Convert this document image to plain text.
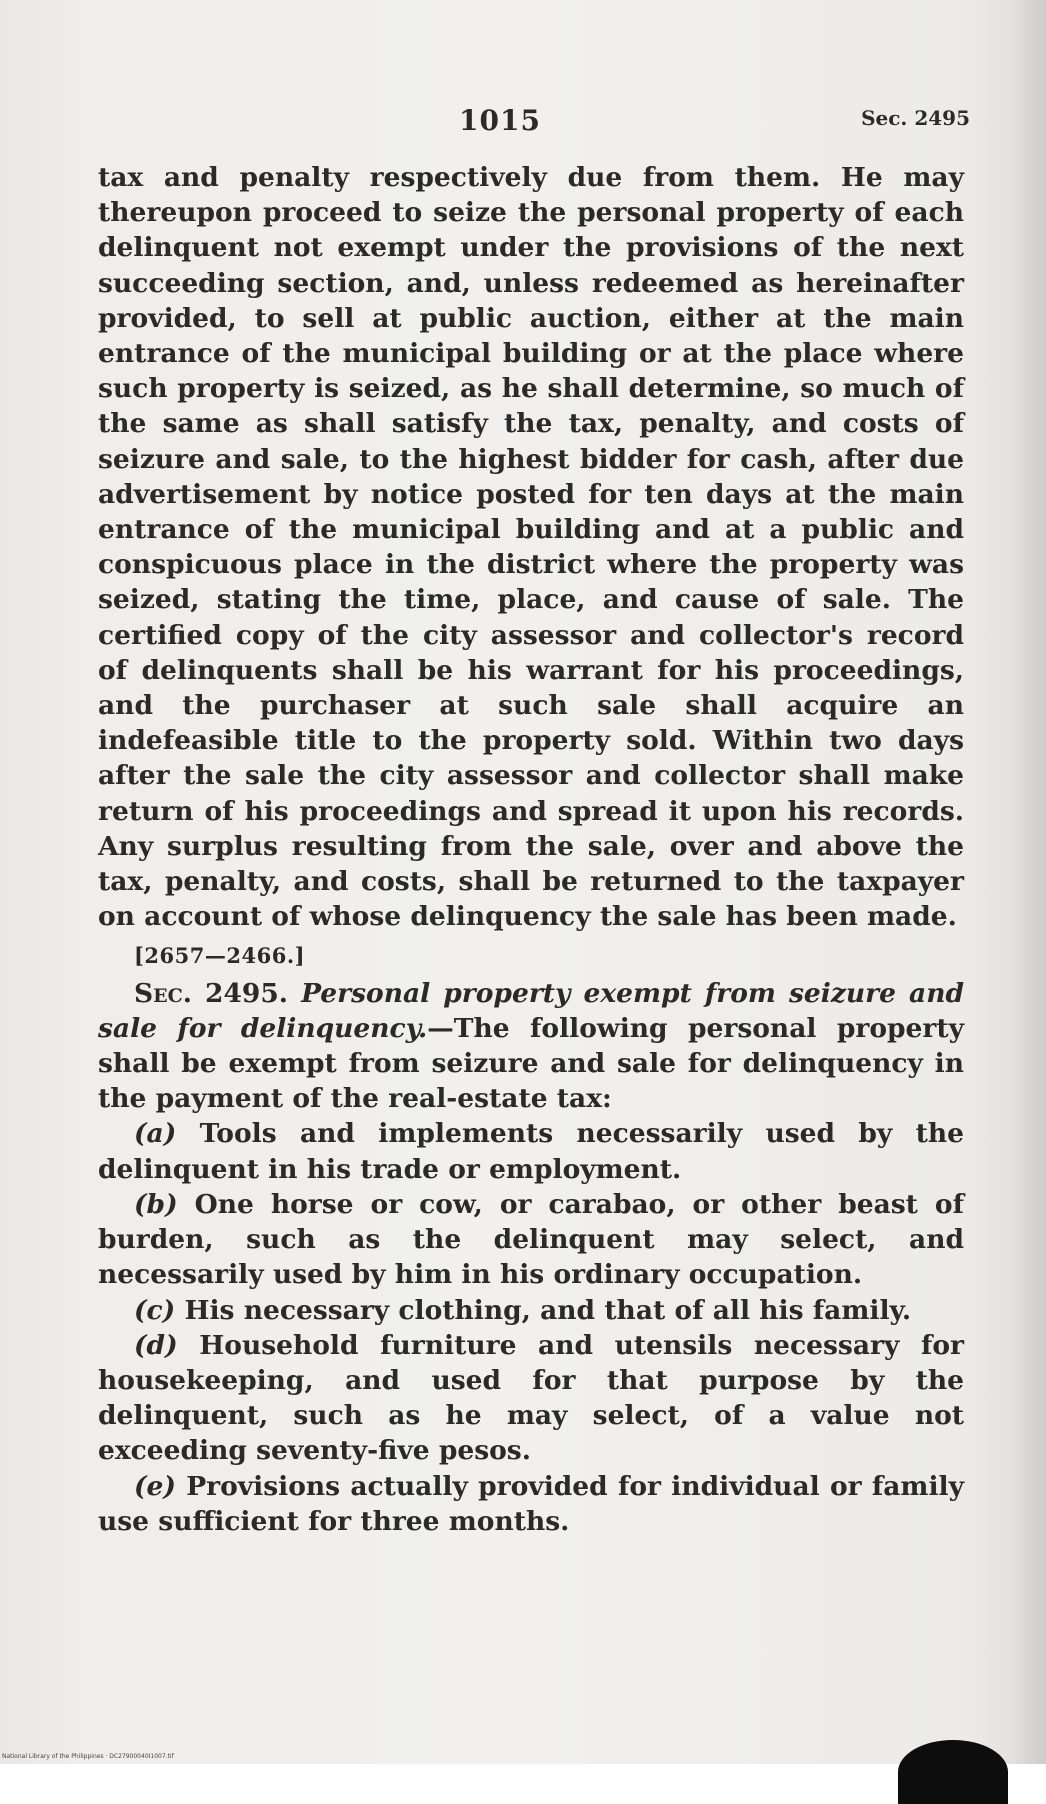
1015	Sec. 2495

tax and penalty respectively due from them. He may thereupon proceed to seize the personal property of each delinquent not exempt under the provisions of the next succeeding section, and, unless redeemed as hereinafter provided, to sell at public auction, either at the main entrance of the municipal building or at the place where such property is seized, as he shall determine, so much of the same as shall satisfy the tax, penalty, and costs of seizure and sale, to the highest bidder for cash, after due advertisement by notice posted for ten days at the main entrance of the municipal building and at a public and conspicuous place in the district where the property was seized, stating the time, place, and cause of sale. The certified copy of the city assessor and collector's record of delinquents shall be his warrant for his proceedings, and the purchaser at such sale shall acquire an indefeasible title to the property sold. Within two days after the sale the city assessor and collector shall make return of his proceedings and spread it upon his records. Any surplus resulting from the sale, over and above the tax, penalty, and costs, shall be returned to the taxpayer on account of whose delinquency the sale has been made.

[2657—2466.]

Sec. 2495. Personal property exempt from seizure and sale for delinquency.—The following personal property shall be exempt from seizure and sale for delinquency in the payment of the real-estate tax:

(a) Tools and implements necessarily used by the delinquent in his trade or employment.

(b) One horse or cow, or carabao, or other beast of burden, such as the delinquent may select, and necessarily used by him in his ordinary occupation.

(c) His necessary clothing, and that of all his family.

(d) Household furniture and utensils necessary for housekeeping, and used for that purpose by the delinquent, such as he may select, of a value not exceeding seventy-five pesos.

(e) Provisions actually provided for individual or family use sufficient for three months.

National Library of the Philippines · DC27900040I1007.tif
